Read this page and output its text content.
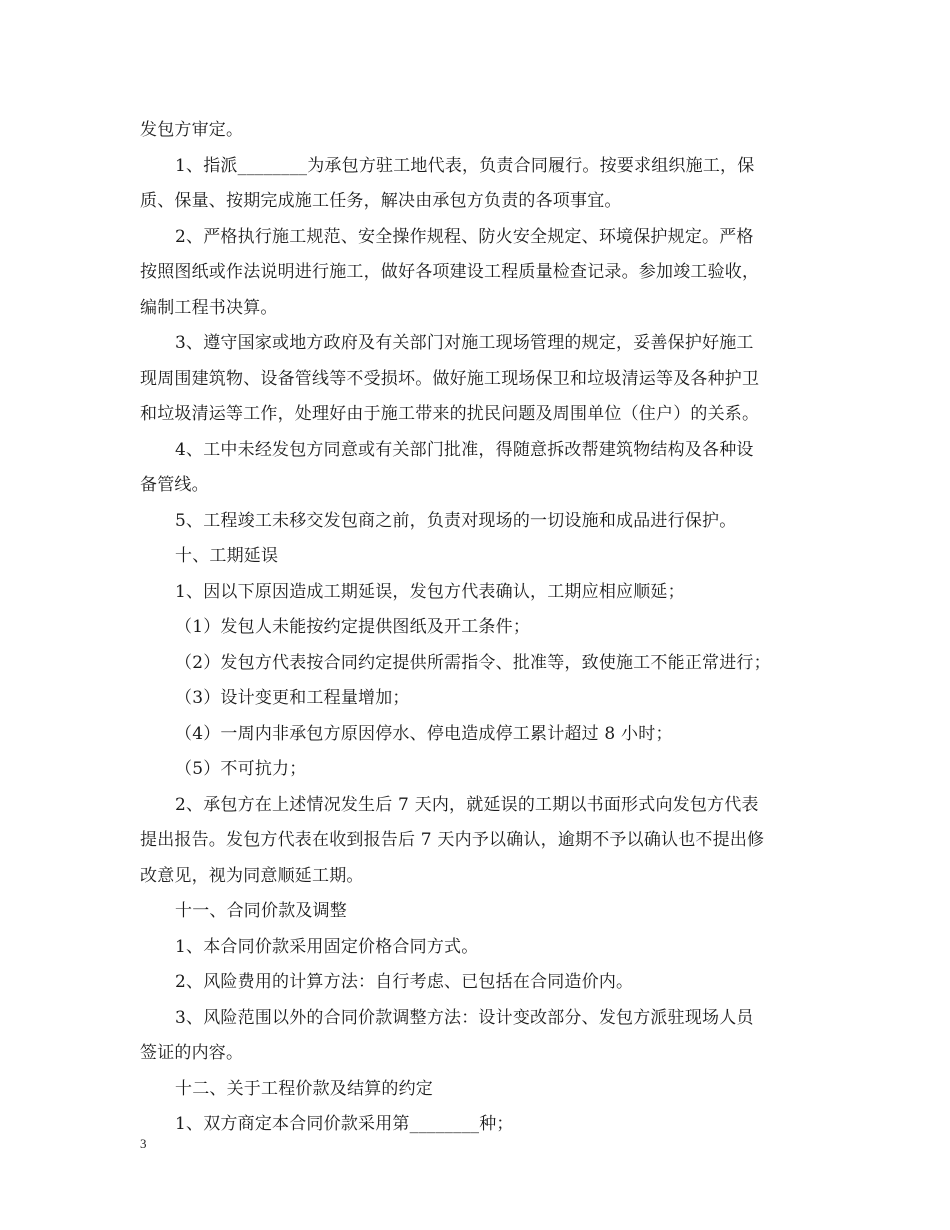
发包方审定。
1、指派________为承包方驻工地代表，负责合同履行。按要求组织施工，保
质、保量、按期完成施工任务，解决由承包方负责的各项事宜。
2、严格执行施工规范、安全操作规程、防火安全规定、环境保护规定。严格
按照图纸或作法说明进行施工，做好各项建设工程质量检查记录。参加竣工验收，
编制工程书决算。
3、遵守国家或地方政府及有关部门对施工现场管理的规定，妥善保护好施工
现周围建筑物、设备管线等不受损坏。做好施工现场保卫和垃圾清运等及各种护卫
和垃圾清运等工作，处理好由于施工带来的扰民问题及周围单位（住户）的关系。
4、工中未经发包方同意或有关部门批准，得随意拆改帮建筑物结构及各种设
备管线。
5、工程竣工未移交发包商之前，负责对现场的一切设施和成品进行保护。
十、工期延误
1、因以下原因造成工期延误，发包方代表确认，工期应相应顺延；
（1）发包人未能按约定提供图纸及开工条件；
（2）发包方代表按合同约定提供所需指令、批准等，致使施工不能正常进行；
（3）设计变更和工程量增加；
（4）一周内非承包方原因停水、停电造成停工累计超过 8 小时；
（5）不可抗力；
2、承包方在上述情况发生后 7 天内，就延误的工期以书面形式向发包方代表
提出报告。发包方代表在收到报告后 7 天内予以确认，逾期不予以确认也不提出修
改意见，视为同意顺延工期。
十一、合同价款及调整
1、本合同价款采用固定价格合同方式。
2、风险费用的计算方法：自行考虑、已包括在合同造价内。
3、风险范围以外的合同价款调整方法：设计变改部分、发包方派驻现场人员
签证的内容。
十二、关于工程价款及结算的约定
1、双方商定本合同价款采用第________种；
3
